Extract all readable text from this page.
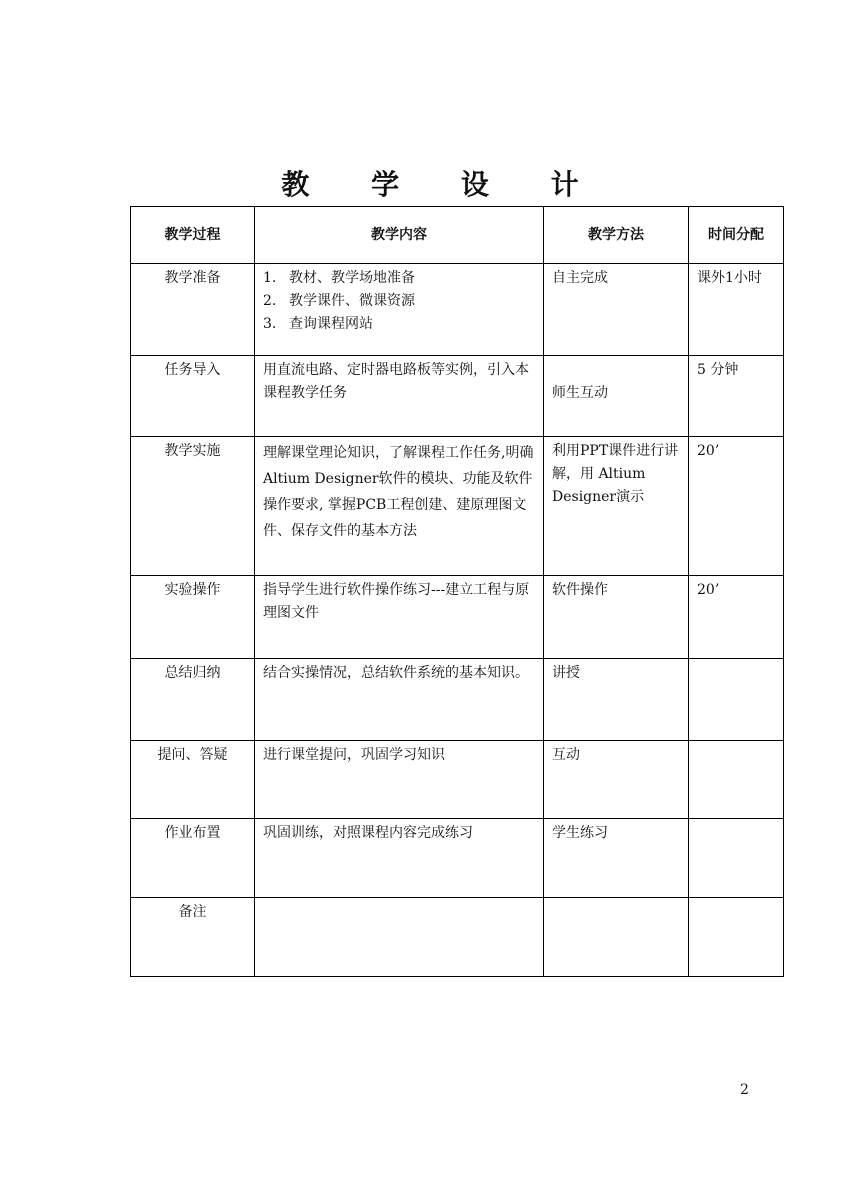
教 学 设 计
教学过程	教学内容	教学方法	时间分配
教学准备	1. 教材、教学场地准备
2. 教学课件、微课资源
3. 查询课程网站	自主完成	课外1小时
任务导入	用直流电路、定时器电路板等实例，引入本课程教学任务	师生互动	5 分钟
教学实施	理解课堂理论知识，了解课程工作任务,明确Altium Designer软件的模块、功能及软件操作要求, 掌握PCB工程创建、建原理图文件、保存文件的基本方法	利用PPT课件进行讲解，用 Altium Designer演示	20’
实验操作	指导学生进行软件操作练习---建立工程与原理图文件	软件操作	20’
总结归纳	结合实操情况，总结软件系统的基本知识。	讲授	
提问、答疑	进行课堂提问，巩固学习知识	互动	
作业布置	巩固训练，对照课程内容完成练习	学生练习	
备注			
2
